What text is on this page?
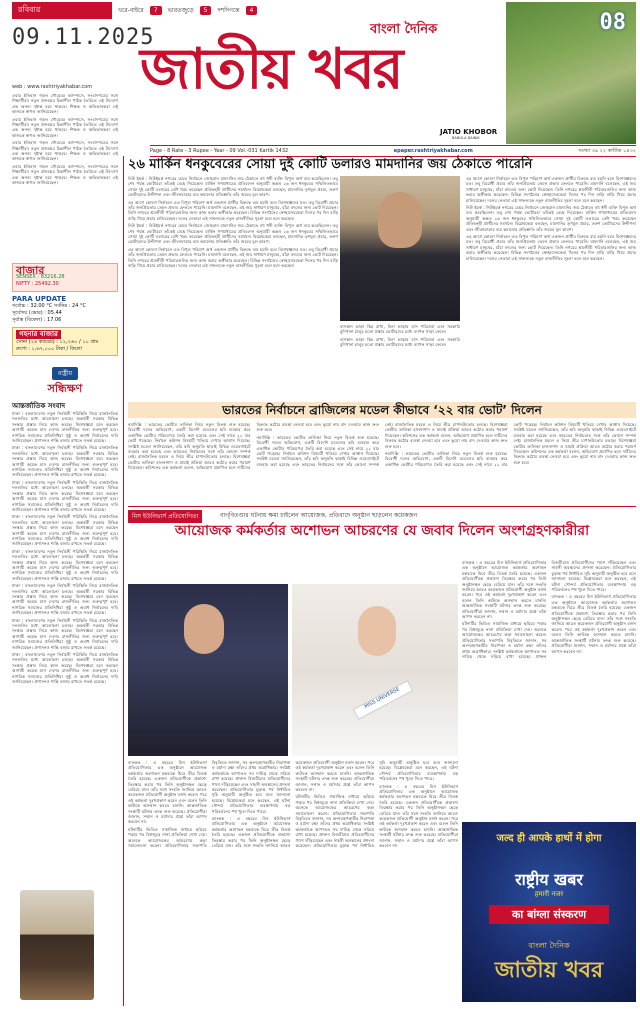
রবিবার
09.11.2025
খরে-বাইরে	7	ভারতজুড়ে	5	দশদিগন্তে	4
বাংলা দৈনিক
জাতীয় খবর
JATIO KHOBOR
BANGLA DAINIK
08
Page - 8 Rate - 3 Rupee - Year - 09 Vol.-031 Kartik 1432	epaper.rashtriyakhabar.com	সংখ্যা ৩৯ ২২ কার্তিক ১৪৩২
web : www.rashtriyakhabar.com

এবার ইতিহাস গড়ল গৌরবের ক্যাম্পাসে, সংবাদপত্রের সঙ্গে শিক্ষার্থীরা। নতুন প্রজন্মের চিন্তাশীল পাঠক তৈরিতে এই উদ্যোগ এক অনন্য দৃষ্টান্ত হয়ে থাকবে। শিক্ষক ও অভিভাবকরা এই কাজকে স্বাগত জানিয়েছেন।

এবার ইতিহাস গড়ল গৌরবের ক্যাম্পাসে, সংবাদপত্রের সঙ্গে শিক্ষার্থীরা। নতুন প্রজন্মের চিন্তাশীল পাঠক তৈরিতে এই উদ্যোগ এক অনন্য দৃষ্টান্ত হয়ে থাকবে। শিক্ষক ও অভিভাবকরা এই কাজকে স্বাগত জানিয়েছেন।

এবার ইতিহাস গড়ল গৌরবের ক্যাম্পাসে, সংবাদপত্রের সঙ্গে শিক্ষার্থীরা। নতুন প্রজন্মের চিন্তাশীল পাঠক তৈরিতে এই উদ্যোগ এক অনন্য দৃষ্টান্ত হয়ে থাকবে। শিক্ষক ও অভিভাবকরা এই কাজকে স্বাগত জানিয়েছেন।

এবার ইতিহাস গড়ল গৌরবের ক্যাম্পাসে, সংবাদপত্রের সঙ্গে শিক্ষার্থীরা। নতুন প্রজন্মের চিন্তাশীল পাঠক তৈরিতে এই উদ্যোগ এক অনন্য দৃষ্টান্ত হয়ে থাকবে। শিক্ষক ও অভিভাবকরা এই কাজকে স্বাগত জানিয়েছেন।

বাজার
SENSEX : 83216.28
NIFTY : 25492.30
PARA UPDATE
সর্বোচ্চ : 32.00 °C সর্বনিম্ন : 24 °C
সূর্যোদয় (ভোর) : 05.44
সূর্যাস্ত (বিকেল) : 17.06
গহনার বাজার
সোনা (২৪ ক্যারেট) : ১২,২৬০ / ১০ গ্রাম
রুপো : ১,৬৭,০০০ টাকা / কিলো
রাষ্ট্রীয়
সন্ধিক্ষণ
আন্তর্জাতিক সংবাদ

ঢাকা : বাংলাদেশের নতুন নির্বাচনী পরিস্থিতি নিয়ে রাজনৈতিক দলগুলির মধ্যে আলোচনা চলছে। অন্তর্বর্তী সরকার বিভিন্ন সংস্কার প্রস্তাব নিয়ে কাজ করছে। বিশেষজ্ঞরা মনে করছেন আগামী কয়েক মাস দেশের রাজনীতির জন্য গুরুত্বপূর্ণ হবে। নাগরিক সমাজের প্রতিনিধিরা সুষ্ঠু ও অবাধ নির্বাচনের দাবি জানিয়েছেন। প্রশাসনও শান্তি বজায় রাখতে সতর্ক রয়েছে।

ঢাকা : বাংলাদেশের নতুন নির্বাচনী পরিস্থিতি নিয়ে রাজনৈতিক দলগুলির মধ্যে আলোচনা চলছে। অন্তর্বর্তী সরকার বিভিন্ন সংস্কার প্রস্তাব নিয়ে কাজ করছে। বিশেষজ্ঞরা মনে করছেন আগামী কয়েক মাস দেশের রাজনীতির জন্য গুরুত্বপূর্ণ হবে। নাগরিক সমাজের প্রতিনিধিরা সুষ্ঠু ও অবাধ নির্বাচনের দাবি জানিয়েছেন। প্রশাসনও শান্তি বজায় রাখতে সতর্ক রয়েছে।

ঢাকা : বাংলাদেশের নতুন নির্বাচনী পরিস্থিতি নিয়ে রাজনৈতিক দলগুলির মধ্যে আলোচনা চলছে। অন্তর্বর্তী সরকার বিভিন্ন সংস্কার প্রস্তাব নিয়ে কাজ করছে। বিশেষজ্ঞরা মনে করছেন আগামী কয়েক মাস দেশের রাজনীতির জন্য গুরুত্বপূর্ণ হবে। নাগরিক সমাজের প্রতিনিধিরা সুষ্ঠু ও অবাধ নির্বাচনের দাবি জানিয়েছেন। প্রশাসনও শান্তি বজায় রাখতে সতর্ক রয়েছে।

ঢাকা : বাংলাদেশের নতুন নির্বাচনী পরিস্থিতি নিয়ে রাজনৈতিক দলগুলির মধ্যে আলোচনা চলছে। অন্তর্বর্তী সরকার বিভিন্ন সংস্কার প্রস্তাব নিয়ে কাজ করছে। বিশেষজ্ঞরা মনে করছেন আগামী কয়েক মাস দেশের রাজনীতির জন্য গুরুত্বপূর্ণ হবে। নাগরিক সমাজের প্রতিনিধিরা সুষ্ঠু ও অবাধ নির্বাচনের দাবি জানিয়েছেন। প্রশাসনও শান্তি বজায় রাখতে সতর্ক রয়েছে।

ঢাকা : বাংলাদেশের নতুন নির্বাচনী পরিস্থিতি নিয়ে রাজনৈতিক দলগুলির মধ্যে আলোচনা চলছে। অন্তর্বর্তী সরকার বিভিন্ন সংস্কার প্রস্তাব নিয়ে কাজ করছে। বিশেষজ্ঞরা মনে করছেন আগামী কয়েক মাস দেশের রাজনীতির জন্য গুরুত্বপূর্ণ হবে। নাগরিক সমাজের প্রতিনিধিরা সুষ্ঠু ও অবাধ নির্বাচনের দাবি জানিয়েছেন। প্রশাসনও শান্তি বজায় রাখতে সতর্ক রয়েছে।

ঢাকা : বাংলাদেশের নতুন নির্বাচনী পরিস্থিতি নিয়ে রাজনৈতিক দলগুলির মধ্যে আলোচনা চলছে। অন্তর্বর্তী সরকার বিভিন্ন সংস্কার প্রস্তাব নিয়ে কাজ করছে। বিশেষজ্ঞরা মনে করছেন আগামী কয়েক মাস দেশের রাজনীতির জন্য গুরুত্বপূর্ণ হবে। নাগরিক সমাজের প্রতিনিধিরা সুষ্ঠু ও অবাধ নির্বাচনের দাবি জানিয়েছেন। প্রশাসনও শান্তি বজায় রাখতে সতর্ক রয়েছে।

ঢাকা : বাংলাদেশের নতুন নির্বাচনী পরিস্থিতি নিয়ে রাজনৈতিক দলগুলির মধ্যে আলোচনা চলছে। অন্তর্বর্তী সরকার বিভিন্ন সংস্কার প্রস্তাব নিয়ে কাজ করছে। বিশেষজ্ঞরা মনে করছেন আগামী কয়েক মাস দেশের রাজনীতির জন্য গুরুত্বপূর্ণ হবে। নাগরিক সমাজের প্রতিনিধিরা সুষ্ঠু ও অবাধ নির্বাচনের দাবি জানিয়েছেন। প্রশাসনও শান্তি বজায় রাখতে সতর্ক রয়েছে।

ঢাকা : বাংলাদেশের নতুন নির্বাচনী পরিস্থিতি নিয়ে রাজনৈতিক দলগুলির মধ্যে আলোচনা চলছে। অন্তর্বর্তী সরকার বিভিন্ন সংস্কার প্রস্তাব নিয়ে কাজ করছে। বিশেষজ্ঞরা মনে করছেন আগামী কয়েক মাস দেশের রাজনীতির জন্য গুরুত্বপূর্ণ হবে। নাগরিক সমাজের প্রতিনিধিরা সুষ্ঠু ও অবাধ নির্বাচনের দাবি জানিয়েছেন। প্রশাসনও শান্তি বজায় রাখতে সতর্ক রয়েছে।

২৬ মার্কিন ধনকুবেরের সোয়া দুই কোটি ডলারও মামদানির জয় ঠেকাতে পারেনি

নিউ ইয়র্ক : নিউইয়র্ক নগরের মেয়র নির্বাচনে জোহরান মামদানির জয় ঠেকাতে বহু ধনী ব্যক্তি বিপুল অর্থ ব্যয় করেছিলেন। তবু শেষ পর্যন্ত ভোটাররা তাঁকেই বেছে নিয়েছেন। মার্কিন গণমাধ্যমের প্রতিবেদন অনুযায়ী অন্তত ২৬ জন ধনকুবের সম্মিলিতভাবে সোয়া দুই কোটি ডলারের বেশি খরচ করেছেন প্রতিদ্বন্দ্বী প্রার্থীদের সমর্থনে। বিশ্লেষকেরা বলছেন, মামদানির তৃণমূল প্রচার, তরুণ ভোটারদের উদ্দীপনা এবং জীবনযাত্রার ব্যয় কমানোর প্রতিশ্রুতি তাঁর জয়ের মূল কারণ।

এর আগে কোনো নির্বাচনে এত বিপুল পরিমাণ অর্থ একজন প্রার্থীর বিরুদ্ধে ব্যয় হয়নি বলে বিশেষজ্ঞদের মত। তবু বিরোধী প্রচার তাঁর জনপ্রিয়তায় তেমন প্রভাব ফেলতে পারেনি। মামদানি বলেছেন, এই জয় সাধারণ মানুষের, যাঁরা বদলের জন্য ভোট দিয়েছেন। তিনি নগরের শ্রমজীবী পরিবারগুলির জন্য কাজ করার অঙ্গীকার করেছেন। বিভিন্ন সংগঠনের স্বেচ্ছাসেবকেরা দিনের পর দিন বাড়ি বাড়ি গিয়ে প্রচার চালিয়েছেন। দলের নেতারা এই সাফল্যকে নতুন রাজনীতির সূচনা বলে মনে করছেন।

নিউ ইয়র্ক : নিউইয়র্ক নগরের মেয়র নির্বাচনে জোহরান মামদানির জয় ঠেকাতে বহু ধনী ব্যক্তি বিপুল অর্থ ব্যয় করেছিলেন। তবু শেষ পর্যন্ত ভোটাররা তাঁকেই বেছে নিয়েছেন। মার্কিন গণমাধ্যমের প্রতিবেদন অনুযায়ী অন্তত ২৬ জন ধনকুবের সম্মিলিতভাবে সোয়া দুই কোটি ডলারের বেশি খরচ করেছেন প্রতিদ্বন্দ্বী প্রার্থীদের সমর্থনে। বিশ্লেষকেরা বলছেন, মামদানির তৃণমূল প্রচার, তরুণ ভোটারদের উদ্দীপনা এবং জীবনযাত্রার ব্যয় কমানোর প্রতিশ্রুতি তাঁর জয়ের মূল কারণ।

এর আগে কোনো নির্বাচনে এত বিপুল পরিমাণ অর্থ একজন প্রার্থীর বিরুদ্ধে ব্যয় হয়নি বলে বিশেষজ্ঞদের মত। তবু বিরোধী প্রচার তাঁর জনপ্রিয়তায় তেমন প্রভাব ফেলতে পারেনি। মামদানি বলেছেন, এই জয় সাধারণ মানুষের, যাঁরা বদলের জন্য ভোট দিয়েছেন। তিনি নগরের শ্রমজীবী পরিবারগুলির জন্য কাজ করার অঙ্গীকার করেছেন। বিভিন্ন সংগঠনের স্বেচ্ছাসেবকেরা দিনের পর দিন বাড়ি বাড়ি গিয়ে প্রচার চালিয়েছেন। দলের নেতারা এই সাফল্যকে নতুন রাজনীতির সূচনা বলে মনে করছেন।

বাসস্থান ভাড়া স্থির রাখা, বিনা ভাড়ায় বাস পরিষেবা এবং সরকারি মুদিখানা চালুর মতো প্রস্তাব ভোটারদের মধ্যে ব্যাপক সাড়া ফেলে।

বাসস্থান ভাড়া স্থির রাখা, বিনা ভাড়ায় বাস পরিষেবা এবং সরকারি মুদিখানা চালুর মতো প্রস্তাব ভোটারদের মধ্যে ব্যাপক সাড়া ফেলে।

এর আগে কোনো নির্বাচনে এত বিপুল পরিমাণ অর্থ একজন প্রার্থীর বিরুদ্ধে ব্যয় হয়নি বলে বিশেষজ্ঞদের মত। তবু বিরোধী প্রচার তাঁর জনপ্রিয়তায় তেমন প্রভাব ফেলতে পারেনি। মামদানি বলেছেন, এই জয় সাধারণ মানুষের, যাঁরা বদলের জন্য ভোট দিয়েছেন। তিনি নগরের শ্রমজীবী পরিবারগুলির জন্য কাজ করার অঙ্গীকার করেছেন। বিভিন্ন সংগঠনের স্বেচ্ছাসেবকেরা দিনের পর দিন বাড়ি বাড়ি গিয়ে প্রচার চালিয়েছেন। দলের নেতারা এই সাফল্যকে নতুন রাজনীতির সূচনা বলে মনে করছেন।

নিউ ইয়র্ক : নিউইয়র্ক নগরের মেয়র নির্বাচনে জোহরান মামদানির জয় ঠেকাতে বহু ধনী ব্যক্তি বিপুল অর্থ ব্যয় করেছিলেন। তবু শেষ পর্যন্ত ভোটাররা তাঁকেই বেছে নিয়েছেন। মার্কিন গণমাধ্যমের প্রতিবেদন অনুযায়ী অন্তত ২৬ জন ধনকুবের সম্মিলিতভাবে সোয়া দুই কোটি ডলারের বেশি খরচ করেছেন প্রতিদ্বন্দ্বী প্রার্থীদের সমর্থনে। বিশ্লেষকেরা বলছেন, মামদানির তৃণমূল প্রচার, তরুণ ভোটারদের উদ্দীপনা এবং জীবনযাত্রার ব্যয় কমানোর প্রতিশ্রুতি তাঁর জয়ের মূল কারণ।

এর আগে কোনো নির্বাচনে এত বিপুল পরিমাণ অর্থ একজন প্রার্থীর বিরুদ্ধে ব্যয় হয়নি বলে বিশেষজ্ঞদের মত। তবু বিরোধী প্রচার তাঁর জনপ্রিয়তায় তেমন প্রভাব ফেলতে পারেনি। মামদানি বলেছেন, এই জয় সাধারণ মানুষের, যাঁরা বদলের জন্য ভোট দিয়েছেন। তিনি নগরের শ্রমজীবী পরিবারগুলির জন্য কাজ করার অঙ্গীকার করেছেন। বিভিন্ন সংগঠনের স্বেচ্ছাসেবকেরা দিনের পর দিন বাড়ি বাড়ি গিয়ে প্রচার চালিয়েছেন। দলের নেতারা এই সাফল্যকে নতুন রাজনীতির সূচনা বলে মনে করছেন।

ভারতের নির্বাচনে ব্রাজিলের মডেল কীভাবে ‘২২ বার ভোট’ দিলেন

নয়াদিল্লি : ভারতের ভোটার তালিকা নিয়ে নতুন বিতর্ক শুরু হয়েছে। বিরোধী দলের অভিযোগ, একটি বিদেশি মডেলের ছবি ব্যবহার করে একাধিক ভোটার পরিচয়পত্র তৈরি করা হয়েছে এবং সেই নামে ২২ বার ভোট পড়েছে। নির্বাচন কমিশন বিষয়টি খতিয়ে দেখার আশ্বাস দিয়েছে। সংশ্লিষ্ট মডেল জানিয়েছেন, তাঁর ছবি অনুমতি ছাড়াই বিভিন্ন ওয়েবসাইটে ব্যবহার করা হয়েছে এবং ভারতের নির্বাচনের সঙ্গে তাঁর কোনো সম্পর্ক নেই। রাজনৈতিক মহলে এ নিয়ে তীব্র চাপানউতোর চলছে। বিশেষজ্ঞরা ভোটার তালিকা হালনাগাদ ও যাচাই প্রক্রিয়া আরও কঠোর করার পরামর্শ দিয়েছেন। কমিশনের এক কর্মকর্তা বলেন, অভিযোগ প্রমাণিত হলে দায়ীদের বিরুদ্ধে কঠোর ব্যবস্থা নেওয়া হবে এবং ভুয়ো নাম বাদ দেওয়ার কাজ দ্রুত শুরু হবে।

নয়াদিল্লি : ভারতের ভোটার তালিকা নিয়ে নতুন বিতর্ক শুরু হয়েছে। বিরোধী দলের অভিযোগ, একটি বিদেশি মডেলের ছবি ব্যবহার করে একাধিক ভোটার পরিচয়পত্র তৈরি করা হয়েছে এবং সেই নামে ২২ বার ভোট পড়েছে। নির্বাচন কমিশন বিষয়টি খতিয়ে দেখার আশ্বাস দিয়েছে। সংশ্লিষ্ট মডেল জানিয়েছেন, তাঁর ছবি অনুমতি ছাড়াই বিভিন্ন ওয়েবসাইটে ব্যবহার করা হয়েছে এবং ভারতের নির্বাচনের সঙ্গে তাঁর কোনো সম্পর্ক নেই। রাজনৈতিক মহলে এ নিয়ে তীব্র চাপানউতোর চলছে। বিশেষজ্ঞরা ভোটার তালিকা হালনাগাদ ও যাচাই প্রক্রিয়া আরও কঠোর করার পরামর্শ দিয়েছেন। কমিশনের এক কর্মকর্তা বলেন, অভিযোগ প্রমাণিত হলে দায়ীদের বিরুদ্ধে কঠোর ব্যবস্থা নেওয়া হবে এবং ভুয়ো নাম বাদ দেওয়ার কাজ দ্রুত শুরু হবে।

নয়াদিল্লি : ভারতের ভোটার তালিকা নিয়ে নতুন বিতর্ক শুরু হয়েছে। বিরোধী দলের অভিযোগ, একটি বিদেশি মডেলের ছবি ব্যবহার করে একাধিক ভোটার পরিচয়পত্র তৈরি করা হয়েছে এবং সেই নামে ২২ বার ভোট পড়েছে। নির্বাচন কমিশন বিষয়টি খতিয়ে দেখার আশ্বাস দিয়েছে। সংশ্লিষ্ট মডেল জানিয়েছেন, তাঁর ছবি অনুমতি ছাড়াই বিভিন্ন ওয়েবসাইটে ব্যবহার করা হয়েছে এবং ভারতের নির্বাচনের সঙ্গে তাঁর কোনো সম্পর্ক নেই। রাজনৈতিক মহলে এ নিয়ে তীব্র চাপানউতোর চলছে। বিশেষজ্ঞরা ভোটার তালিকা হালনাগাদ ও যাচাই প্রক্রিয়া আরও কঠোর করার পরামর্শ দিয়েছেন। কমিশনের এক কর্মকর্তা বলেন, অভিযোগ প্রমাণিত হলে দায়ীদের বিরুদ্ধে কঠোর ব্যবস্থা নেওয়া হবে এবং ভুয়ো নাম বাদ দেওয়ার কাজ দ্রুত শুরু হবে।

মিস ইউনিভার্স প্রতিযোগিতা	বাগ্‌বিতণ্ডার ঘটনায় ক্ষমা চাইলেন আয়োজক, প্রতিবাদে অনুষ্ঠান ছাড়লেন কয়েকজন
আয়োজক কর্মকর্তার অশোভন আচরণের যে জবাব দিলেন অংশগ্রহণকারীরা
MISS UNIVERSE

ব্যাংকক : এ বছরের মিস ইউনিভার্স প্রতিযোগিতার এক অনুষ্ঠানে আয়োজক কর্মকর্তার অশোভন মন্তব্যকে ঘিরে তীব্র বিতর্ক তৈরি হয়েছে। একজন প্রতিযোগীকে প্রকাশ্যে তিরস্কার করার পর তিনি অনুষ্ঠানস্থল ছেড়ে বেরিয়ে যান। তাঁর সঙ্গে সংহতি জানিয়ে আরও কয়েকজন প্রতিযোগী অনুষ্ঠান বর্জন করেন। পরে ওই কর্মকর্তা দুঃখপ্রকাশ করেন এবং বলেন তিনি কাউকে অসম্মান করতে চাননি। আন্তর্জাতিক সংস্থাটি ঘটনার তদন্ত শুরু করেছে। প্রতিযোগীরা জানান, সম্মান ও মর্যাদার প্রশ্নে তাঁরা আপস করবেন না।

ঘটনাটির ভিডিও সামাজিক মাধ্যমে ছড়িয়ে পড়ার পর বিশ্বজুড়ে নানা প্রতিক্রিয়া দেখা দেয়। অনেকে আয়োজকের আচরণের কড়া সমালোচনা করেন। প্রতিযোগিতার সভাপতি বিবৃতিতে জানান, সব অংশগ্রহণকারীর নিরাপত্তা ও মর্যাদা রক্ষা তাঁদের প্রথম অগ্রাধিকার। সংশ্লিষ্ট কর্মকর্তাকে আপাতত সব দায়িত্ব থেকে সরিয়ে রাখা হয়েছে। প্রাক্তন বিজয়ীরাও প্রতিযোগীদের পাশে দাঁড়িয়েছেন এবং সাহসী অবস্থানের প্রশংসা করেছেন। প্রতিযোগিতার চূড়ান্ত পর্ব নির্ধারিত সূচি অনুযায়ী অনুষ্ঠিত হবে বলে জানানো হয়েছে। বিশ্লেষকেরা মনে করছেন, এই ঘটনা সৌন্দর্য প্রতিযোগিতার ব্যবস্থাপনায় বড় পরিবর্তনের পথ খুলে দিতে পারে।

ব্যাংকক : এ বছরের মিস ইউনিভার্স প্রতিযোগিতার এক অনুষ্ঠানে আয়োজক কর্মকর্তার অশোভন মন্তব্যকে ঘিরে তীব্র বিতর্ক তৈরি হয়েছে। একজন প্রতিযোগীকে প্রকাশ্যে তিরস্কার করার পর তিনি অনুষ্ঠানস্থল ছেড়ে বেরিয়ে যান। তাঁর সঙ্গে সংহতি জানিয়ে আরও কয়েকজন প্রতিযোগী অনুষ্ঠান বর্জন করেন। পরে ওই কর্মকর্তা দুঃখপ্রকাশ করেন এবং বলেন তিনি কাউকে অসম্মান করতে চাননি। আন্তর্জাতিক সংস্থাটি ঘটনার তদন্ত শুরু করেছে। প্রতিযোগীরা জানান, সম্মান ও মর্যাদার প্রশ্নে তাঁরা আপস করবেন না।

ব্যাংকক : এ বছরের মিস ইউনিভার্স প্রতিযোগিতার এক অনুষ্ঠানে আয়োজক কর্মকর্তার অশোভন মন্তব্যকে ঘিরে তীব্র বিতর্ক তৈরি হয়েছে। একজন প্রতিযোগীকে প্রকাশ্যে তিরস্কার করার পর তিনি অনুষ্ঠানস্থল ছেড়ে বেরিয়ে যান। তাঁর সঙ্গে সংহতি জানিয়ে আরও কয়েকজন প্রতিযোগী অনুষ্ঠান বর্জন করেন। পরে ওই কর্মকর্তা দুঃখপ্রকাশ করেন এবং বলেন তিনি কাউকে অসম্মান করতে চাননি। আন্তর্জাতিক সংস্থাটি ঘটনার তদন্ত শুরু করেছে। প্রতিযোগীরা জানান, সম্মান ও মর্যাদার প্রশ্নে তাঁরা আপস করবেন না।

ঘটনাটির ভিডিও সামাজিক মাধ্যমে ছড়িয়ে পড়ার পর বিশ্বজুড়ে নানা প্রতিক্রিয়া দেখা দেয়। অনেকে আয়োজকের আচরণের কড়া সমালোচনা করেন। প্রতিযোগিতার সভাপতি বিবৃতিতে জানান, সব অংশগ্রহণকারীর নিরাপত্তা ও মর্যাদা রক্ষা তাঁদের প্রথম অগ্রাধিকার। সংশ্লিষ্ট কর্মকর্তাকে আপাতত সব দায়িত্ব থেকে সরিয়ে রাখা হয়েছে। প্রাক্তন বিজয়ীরাও প্রতিযোগীদের পাশে দাঁড়িয়েছেন এবং সাহসী অবস্থানের প্রশংসা করেছেন। প্রতিযোগিতার চূড়ান্ত পর্ব নির্ধারিত সূচি অনুযায়ী অনুষ্ঠিত হবে বলে জানানো হয়েছে। বিশ্লেষকেরা মনে করছেন, এই ঘটনা সৌন্দর্য প্রতিযোগিতার ব্যবস্থাপনায় বড় পরিবর্তনের পথ খুলে দিতে পারে।

ব্যাংকক : এ বছরের মিস ইউনিভার্স প্রতিযোগিতার এক অনুষ্ঠানে আয়োজক কর্মকর্তার অশোভন মন্তব্যকে ঘিরে তীব্র বিতর্ক তৈরি হয়েছে। একজন প্রতিযোগীকে প্রকাশ্যে তিরস্কার করার পর তিনি অনুষ্ঠানস্থল ছেড়ে বেরিয়ে যান। তাঁর সঙ্গে সংহতি জানিয়ে আরও কয়েকজন প্রতিযোগী অনুষ্ঠান বর্জন করেন। পরে ওই কর্মকর্তা দুঃখপ্রকাশ করেন এবং বলেন তিনি কাউকে অসম্মান করতে চাননি। আন্তর্জাতিক সংস্থাটি ঘটনার তদন্ত শুরু করেছে। প্রতিযোগীরা জানান, সম্মান ও মর্যাদার প্রশ্নে তাঁরা আপস করবেন না।

ঘটনাটির ভিডিও সামাজিক মাধ্যমে ছড়িয়ে পড়ার পর বিশ্বজুড়ে নানা প্রতিক্রিয়া দেখা দেয়। অনেকে আয়োজকের আচরণের কড়া সমালোচনা করেন। প্রতিযোগিতার সভাপতি বিবৃতিতে জানান, সব অংশগ্রহণকারীর নিরাপত্তা ও মর্যাদা রক্ষা তাঁদের প্রথম অগ্রাধিকার। সংশ্লিষ্ট কর্মকর্তাকে আপাতত সব দায়িত্ব থেকে সরিয়ে রাখা হয়েছে। প্রাক্তন বিজয়ীরাও প্রতিযোগীদের পাশে দাঁড়িয়েছেন এবং সাহসী অবস্থানের প্রশংসা করেছেন। প্রতিযোগিতার চূড়ান্ত পর্ব নির্ধারিত সূচি অনুযায়ী অনুষ্ঠিত হবে বলে জানানো হয়েছে। বিশ্লেষকেরা মনে করছেন, এই ঘটনা সৌন্দর্য প্রতিযোগিতার ব্যবস্থাপনায় বড় পরিবর্তনের পথ খুলে দিতে পারে।

ব্যাংকক : এ বছরের মিস ইউনিভার্স প্রতিযোগিতার এক অনুষ্ঠানে আয়োজক কর্মকর্তার অশোভন মন্তব্যকে ঘিরে তীব্র বিতর্ক তৈরি হয়েছে। একজন প্রতিযোগীকে প্রকাশ্যে তিরস্কার করার পর তিনি অনুষ্ঠানস্থল ছেড়ে বেরিয়ে যান। তাঁর সঙ্গে সংহতি জানিয়ে আরও কয়েকজন প্রতিযোগী অনুষ্ঠান বর্জন করেন। পরে ওই কর্মকর্তা দুঃখপ্রকাশ করেন এবং বলেন তিনি কাউকে অসম্মান করতে চাননি। আন্তর্জাতিক সংস্থাটি ঘটনার তদন্ত শুরু করেছে। প্রতিযোগীরা জানান, সম্মান ও মর্যাদার প্রশ্নে তাঁরা আপস করবেন না।

जल्द ही आपके हाथों में होगा
राष्ट्रीय खबर
हमारी नजर
का बांग्ला संस्करण
বাংলা দৈনিক
জাতীয় খবর
